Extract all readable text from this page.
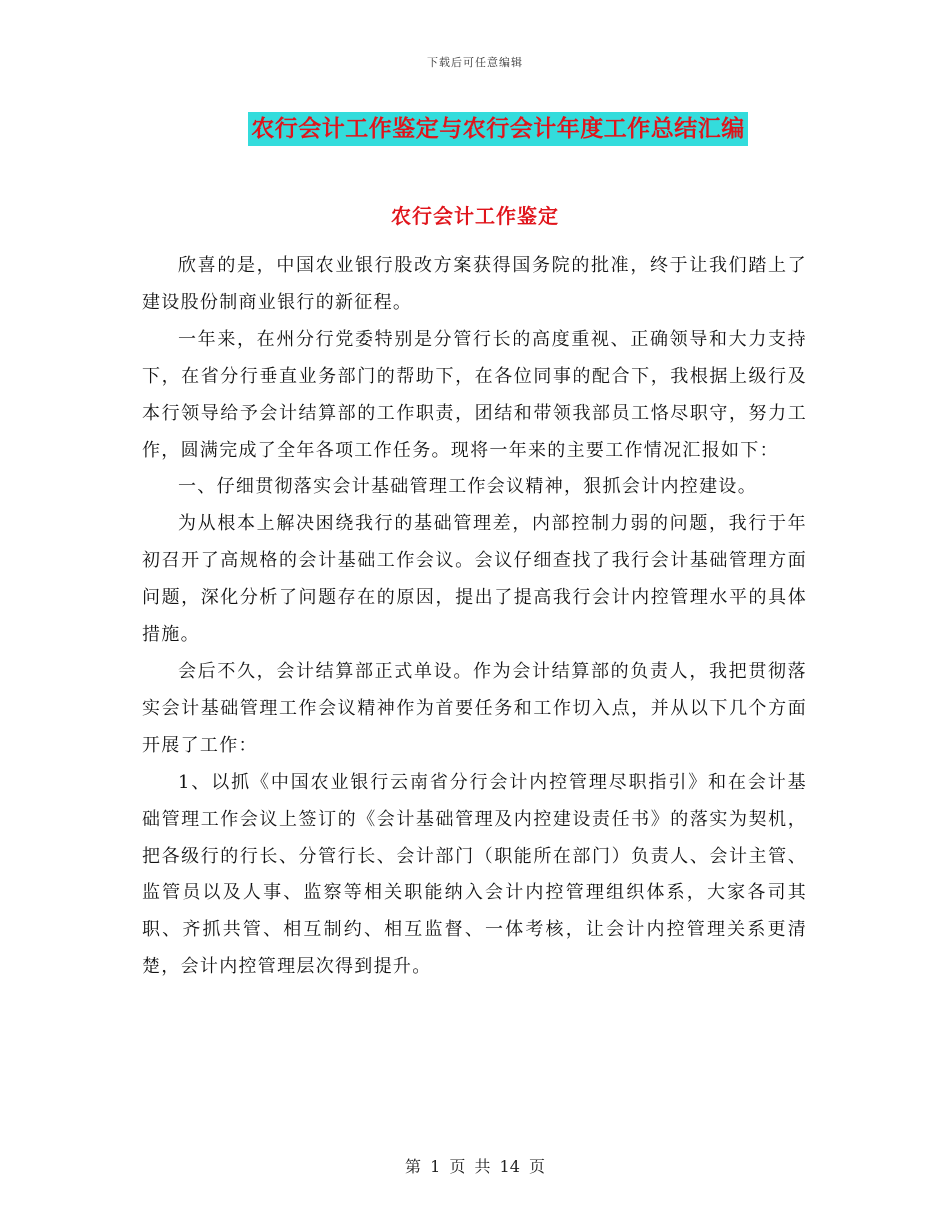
下载后可任意编辑
农行会计工作鉴定与农行会计年度工作总结汇编
农行会计工作鉴定

欣喜的是，中国农业银行股改方案获得国务院的批准，终于让我们踏上了建设股份制商业银行的新征程。

一年来，在州分行党委特别是分管行长的高度重视、正确领导和大力支持下，在省分行垂直业务部门的帮助下，在各位同事的配合下，我根据上级行及本行领导给予会计结算部的工作职责，团结和带领我部员工恪尽职守，努力工作，圆满完成了全年各项工作任务。现将一年来的主要工作情况汇报如下：

一、仔细贯彻落实会计基础管理工作会议精神，狠抓会计内控建设。

为从根本上解决困绕我行的基础管理差，内部控制力弱的问题，我行于年初召开了高规格的会计基础工作会议。会议仔细查找了我行会计基础管理方面问题，深化分析了问题存在的原因，提出了提高我行会计内控管理水平的具体措施。

会后不久，会计结算部正式单设。作为会计结算部的负责人，我把贯彻落实会计基础管理工作会议精神作为首要任务和工作切入点，并从以下几个方面开展了工作：

1、以抓《中国农业银行云南省分行会计内控管理尽职指引》和在会计基础管理工作会议上签订的《会计基础管理及内控建设责任书》的落实为契机，把各级行的行长、分管行长、会计部门（职能所在部门）负责人、会计主管、监管员以及人事、监察等相关职能纳入会计内控管理组织体系，大家各司其职、齐抓共管、相互制约、相互监督、一体考核，让会计内控管理关系更清楚，会计内控管理层次得到提升。

第 1 页 共 14 页
